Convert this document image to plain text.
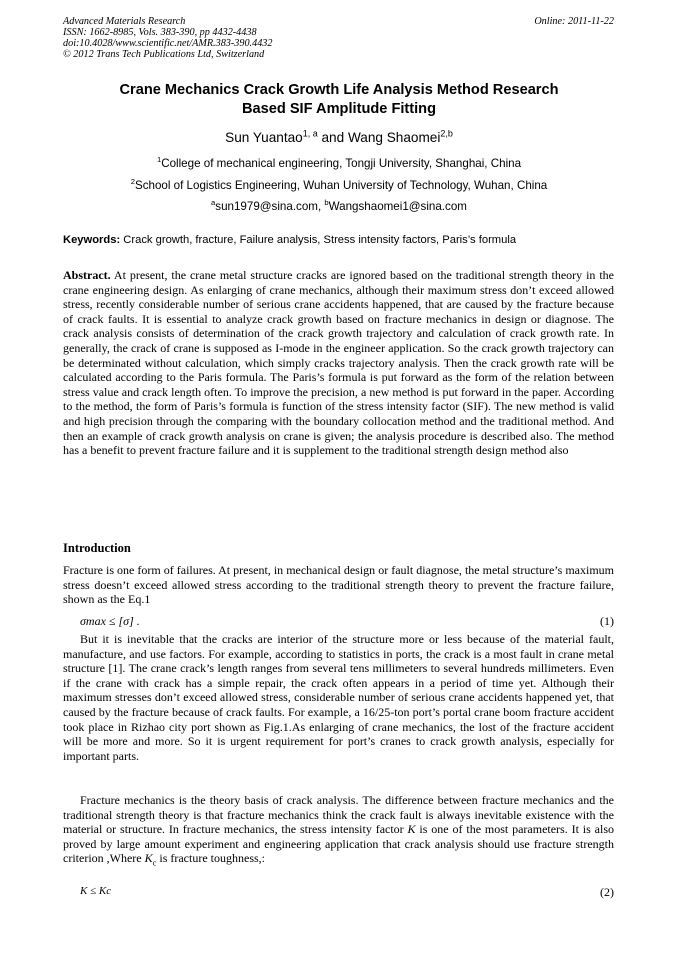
Advanced Materials Research
ISSN: 1662-8985, Vols. 383-390, pp 4432-4438
doi:10.4028/www.scientific.net/AMR.383-390.4432
© 2012 Trans Tech Publications Ltd, Switzerland
Online: 2011-11-22
Crane Mechanics Crack Growth Life Analysis Method Research
Based SIF Amplitude Fitting
Sun Yuantao$^{1, a}$ and Wang Shaomei$^{2,b}$
$^1$College of mechanical engineering, Tongji University, Shanghai, China
$^2$School of Logistics Engineering, Wuhan University of Technology, Wuhan, China
$^a$sun1979@sina.com, $^b$Wangshaomei1@sina.com
Keywords: Crack growth, fracture, Failure analysis, Stress intensity factors, Paris’s formula
Abstract. At present, the crane metal structure cracks are ignored based on the traditional strength theory in the crane engineering design. As enlarging of crane mechanics, although their maximum stress don’t exceed allowed stress, recently considerable number of serious crane accidents happened, that are caused by the fracture because of crack faults. It is essential to analyze crack growth based on fracture mechanics in design or diagnose. The crack analysis consists of determination of the crack growth trajectory and calculation of crack growth rate. In generally, the crack of crane is supposed as I-mode in the engineer application. So the crack growth trajectory can be determinated without calculation, which simply cracks trajectory analysis. Then the crack growth rate will be calculated according to the Paris formula. The Paris’s formula is put forward as the form of the relation between stress value and crack length often. To improve the precision, a new method is put forward in the paper. According to the method, the form of Paris’s formula is function of the stress intensity factor (SIF). The new method is valid and high precision through the comparing with the boundary collocation method and the traditional method. And then an example of crack growth analysis on crane is given; the analysis procedure is described also. The method has a benefit to prevent fracture failure and it is supplement to the traditional strength design method also
Introduction
Fracture is one form of failures. At present, in mechanical design or fault diagnose, the metal structure’s maximum stress doesn’t exceed allowed stress according to the traditional strength theory to prevent the fracture failure, shown as the Eq.1
σmax ≤ [σ] .	(1)
But it is inevitable that the cracks are interior of the structure more or less because of the material fault, manufacture, and use factors. For example, according to statistics in ports, the crack is a most fault in crane metal structure [1]. The crane crack’s length ranges from several tens millimeters to several hundreds millimeters. Even if the crane with crack has a simple repair, the crack often appears in a period of time yet. Although their maximum stresses don’t exceed allowed stress, considerable number of serious crane accidents happened yet, that caused by the fracture because of crack faults. For example, a 16/25-ton port’s portal crane boom fracture accident took place in Rizhao city port shown as Fig.1.As enlarging of crane mechanics, the lost of the fracture accident will be more and more. So it is urgent requirement for port’s cranes to crack growth analysis, especially for important parts.
Fracture mechanics is the theory basis of crack analysis. The difference between fracture mechanics and the traditional strength theory is that fracture mechanics think the crack fault is always inevitable existence with the material or structure. In fracture mechanics, the stress intensity factor K is one of the most parameters. It is also proved by large amount experiment and engineering application that crack analysis should use fracture strength criterion ,Where $K_c$ is fracture toughness,:
K ≤ Kc	(2)
